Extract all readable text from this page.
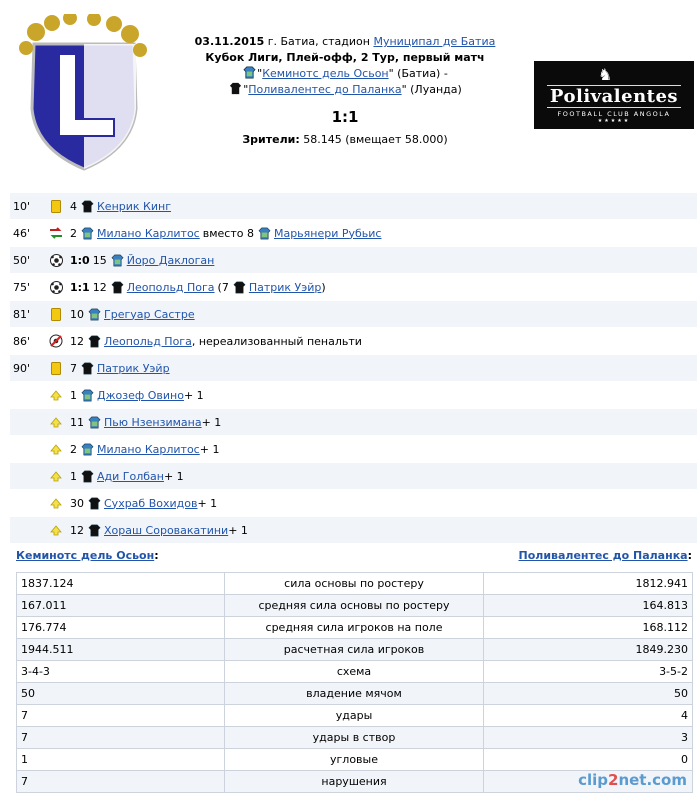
03.11.2015 г. Батиа, стадион Муниципал де Батиа
Кубок Лиги, Плей-офф, 2 Тур, первый матч
"Кеминотс дель Осьон" (Батиа) -
"Поливалентес до Паланка" (Луанда)
1:1
Зрители: 58.145 (вмещает 58.000)
♞
Polivalentes
FOOTBALL CLUB ANGOLA
★★★★★
10'	4 Кенрик Кинг
46'	2 Милано Карлитос вместо 8 Марьянери Рубьис
50'	1:0 15 Йоро Даклоган
75'	1:1 12 Леопольд Пога (7 Патрик Уэйр )
81'	10 Грегуар Састре
86'	12 Леопольд Пога , нереализованный пенальти
90'	7 Патрик Уэйр
1 Джозеф Овино + 1
11 Пью Нзензимана + 1
2 Милано Карлитос + 1
1 Ади Голбан + 1
30 Сухраб Вохидов + 1
12 Хораш Соровакатини + 1
Кеминотс дель Осьон:	Поливалентес до Паланка:
1837.124	сила основы по ростеру	1812.941
167.011	средняя сила основы по ростеру	164.813
176.774	средняя сила игроков на поле	168.112
1944.511	расчетная сила игроков	1849.230
3-4-3	схема	3-5-2
50	владение мячом	50
7	удары	4
7	удары в створ	3
1	угловые	0
7	нарушения		clip2net.com
